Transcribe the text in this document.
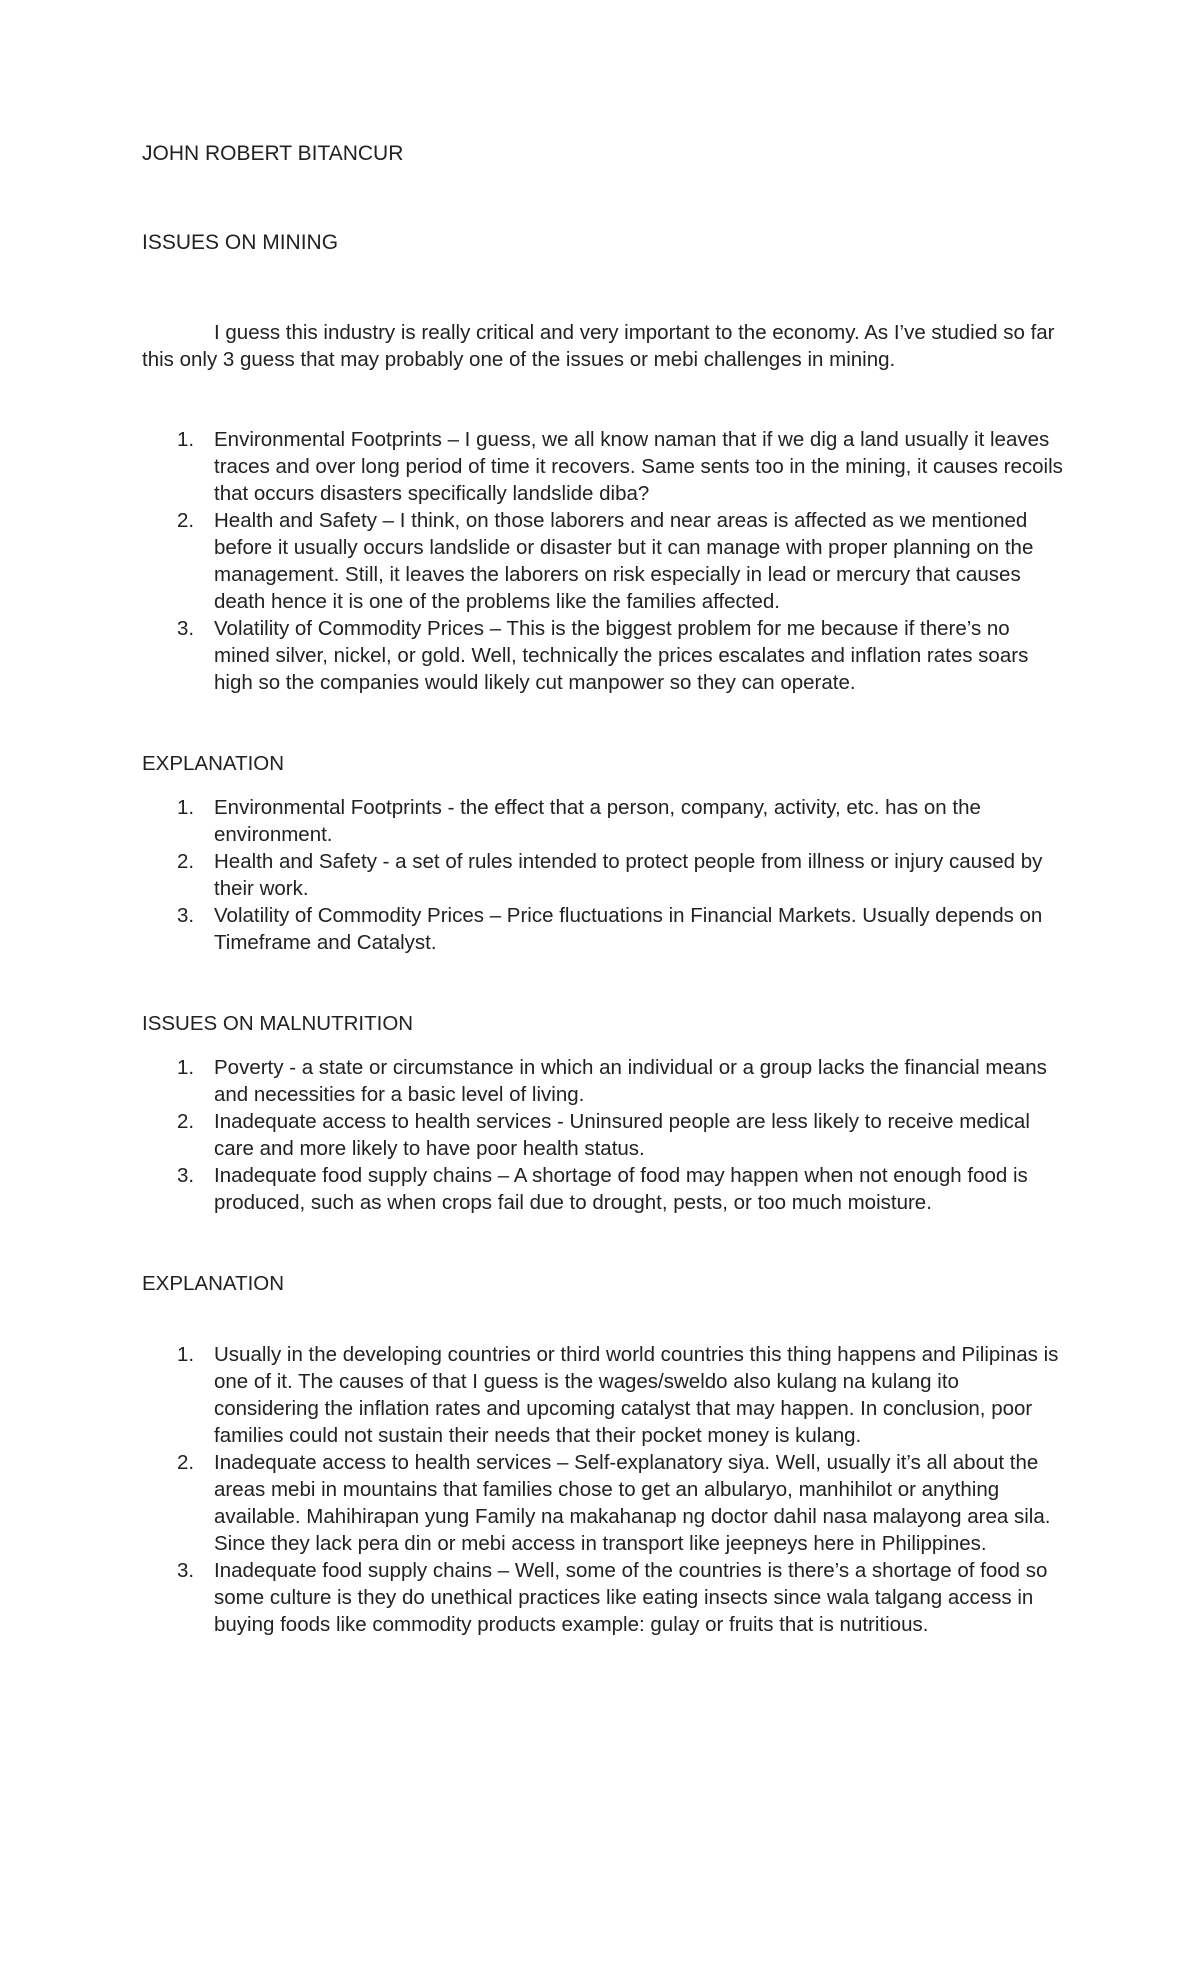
JOHN ROBERT BITANCUR
ISSUES ON MINING

I guess this industry is really critical and very important to the economy. As I’ve studied so far this only 3 guess that may probably one of the issues or mebi challenges in mining.

1. Environmental Footprints – I guess, we all know naman that if we dig a land usually it leaves traces and over long period of time it recovers. Same sents too in the mining, it causes recoils that occurs disasters specifically landslide diba?
2. Health and Safety – I think, on those laborers and near areas is affected as we mentioned before it usually occurs landslide or disaster but it can manage with proper planning on the management. Still, it leaves the laborers on risk especially in lead or mercury that causes death hence it is one of the problems like the families affected.
3. Volatility of Commodity Prices – This is the biggest problem for me because if there’s no mined silver, nickel, or gold. Well, technically the prices escalates and inflation rates soars high so the companies would likely cut manpower so they can operate.
EXPLANATION
1. Environmental Footprints - the effect that a person, company, activity, etc. has on the environment.
2. Health and Safety - a set of rules intended to protect people from illness or injury caused by their work.
3. Volatility of Commodity Prices – Price fluctuations in Financial Markets. Usually depends on Timeframe and Catalyst.
ISSUES ON MALNUTRITION
1. Poverty - a state or circumstance in which an individual or a group lacks the financial means and necessities for a basic level of living.
2. Inadequate access to health services - Uninsured people are less likely to receive medical care and more likely to have poor health status.
3. Inadequate food supply chains – A shortage of food may happen when not enough food is produced, such as when crops fail due to drought, pests, or too much moisture.
EXPLANATION
1. Usually in the developing countries or third world countries this thing happens and Pilipinas is one of it. The causes of that I guess is the wages/sweldo also kulang na kulang ito considering the inflation rates and upcoming catalyst that may happen. In conclusion, poor families could not sustain their needs that their pocket money is kulang.
2. Inadequate access to health services – Self-explanatory siya. Well, usually it’s all about the areas mebi in mountains that families chose to get an albularyo, manhihilot or anything available. Mahihirapan yung Family na makahanap ng doctor dahil nasa malayong area sila. Since they lack pera din or mebi access in transport like jeepneys here in Philippines.
3. Inadequate food supply chains – Well, some of the countries is there’s a shortage of food so some culture is they do unethical practices like eating insects since wala talgang access in buying foods like commodity products example: gulay or fruits that is nutritious.
